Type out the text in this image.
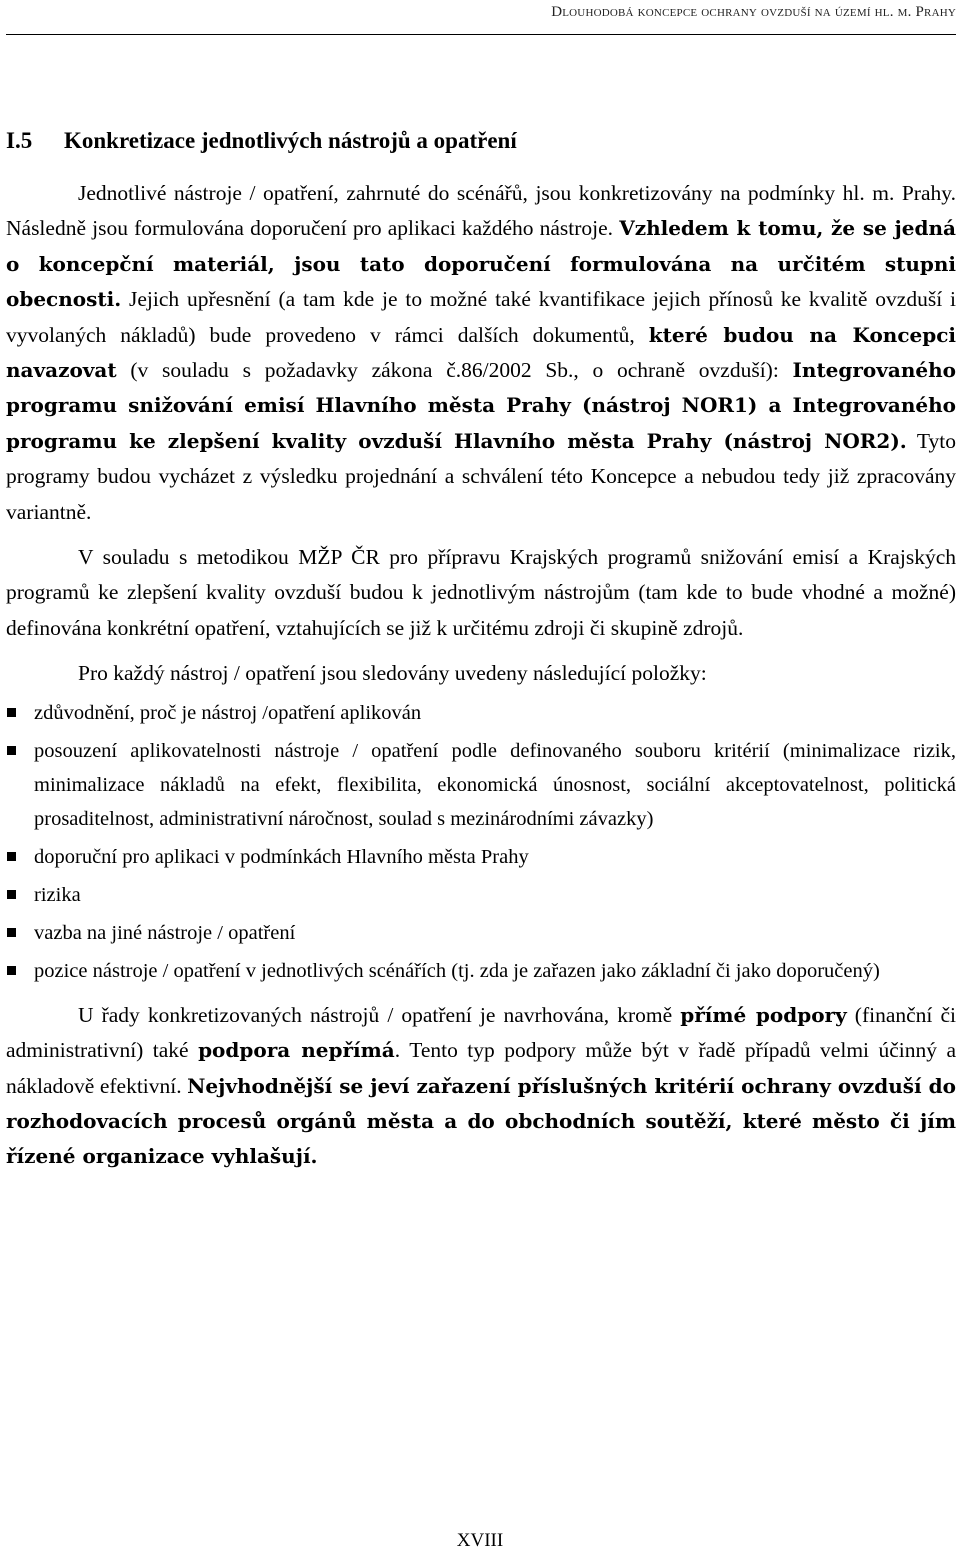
Dlouhodobá koncepce ochrany ovzduší na území hl. m. Prahy
I.5 Konkretizace jednotlivých nástrojů a opatření

Jednotlivé nástroje / opatření, zahrnuté do scénářů, jsou konkretizovány na podmínky hl. m. Prahy. Následně jsou formulována doporučení pro aplikaci každého nástroje. Vzhledem k tomu, že se jedná o koncepční materiál, jsou tato doporučení formulována na určitém stupni obecnosti. Jejich upřesnění (a tam kde je to možné také kvantifikace jejich přínosů ke kvalitě ovzduší i vyvolaných nákladů) bude provedeno v rámci dalších dokumentů, které budou na Koncepci navazovat (v souladu s požadavky zákona č.86/2002 Sb., o ochraně ovzduší): Integrovaného programu snižování emisí Hlavního města Prahy (nástroj NOR1) a Integrovaného programu ke zlepšení kvality ovzduší Hlavního města Prahy (nástroj NOR2). Tyto programy budou vycházet z výsledku projednání a schválení této Koncepce a nebudou tedy již zpracovány variantně.

V souladu s metodikou MŽP ČR pro přípravu Krajských programů snižování emisí a Krajských programů ke zlepšení kvality ovzduší budou k jednotlivým nástrojům (tam kde to bude vhodné a možné) definována konkrétní opatření, vztahujících se již k určitému zdroji či skupině zdrojů.

Pro každý nástroj / opatření jsou sledovány uvedeny následující položky:

zdůvodnění, proč je nástroj /opatření aplikován
posouzení aplikovatelnosti nástroje / opatření podle definovaného souboru kritérií (minimalizace rizik, minimalizace nákladů na efekt, flexibilita, ekonomická únosnost, sociální akceptovatelnost, politická prosaditelnost, administrativní náročnost, soulad s mezinárodními závazky)
doporuční pro aplikaci v podmínkách Hlavního města Prahy
rizika
vazba na jiné nástroje / opatření
pozice nástroje / opatření v jednotlivých scénářích (tj. zda je zařazen jako základní či jako doporučený)

U řady konkretizovaných nástrojů / opatření je navrhována, kromě přímé podpory (finanční či administrativní) také podpora nepřímá. Tento typ podpory může být v řadě případů velmi účinný a nákladově efektivní. Nejvhodnější se jeví zařazení příslušných kritérií ochrany ovzduší do rozhodovacích procesů orgánů města a do obchodních soutěží, které město či jím řízené organizace vyhlašují.

XVIII
